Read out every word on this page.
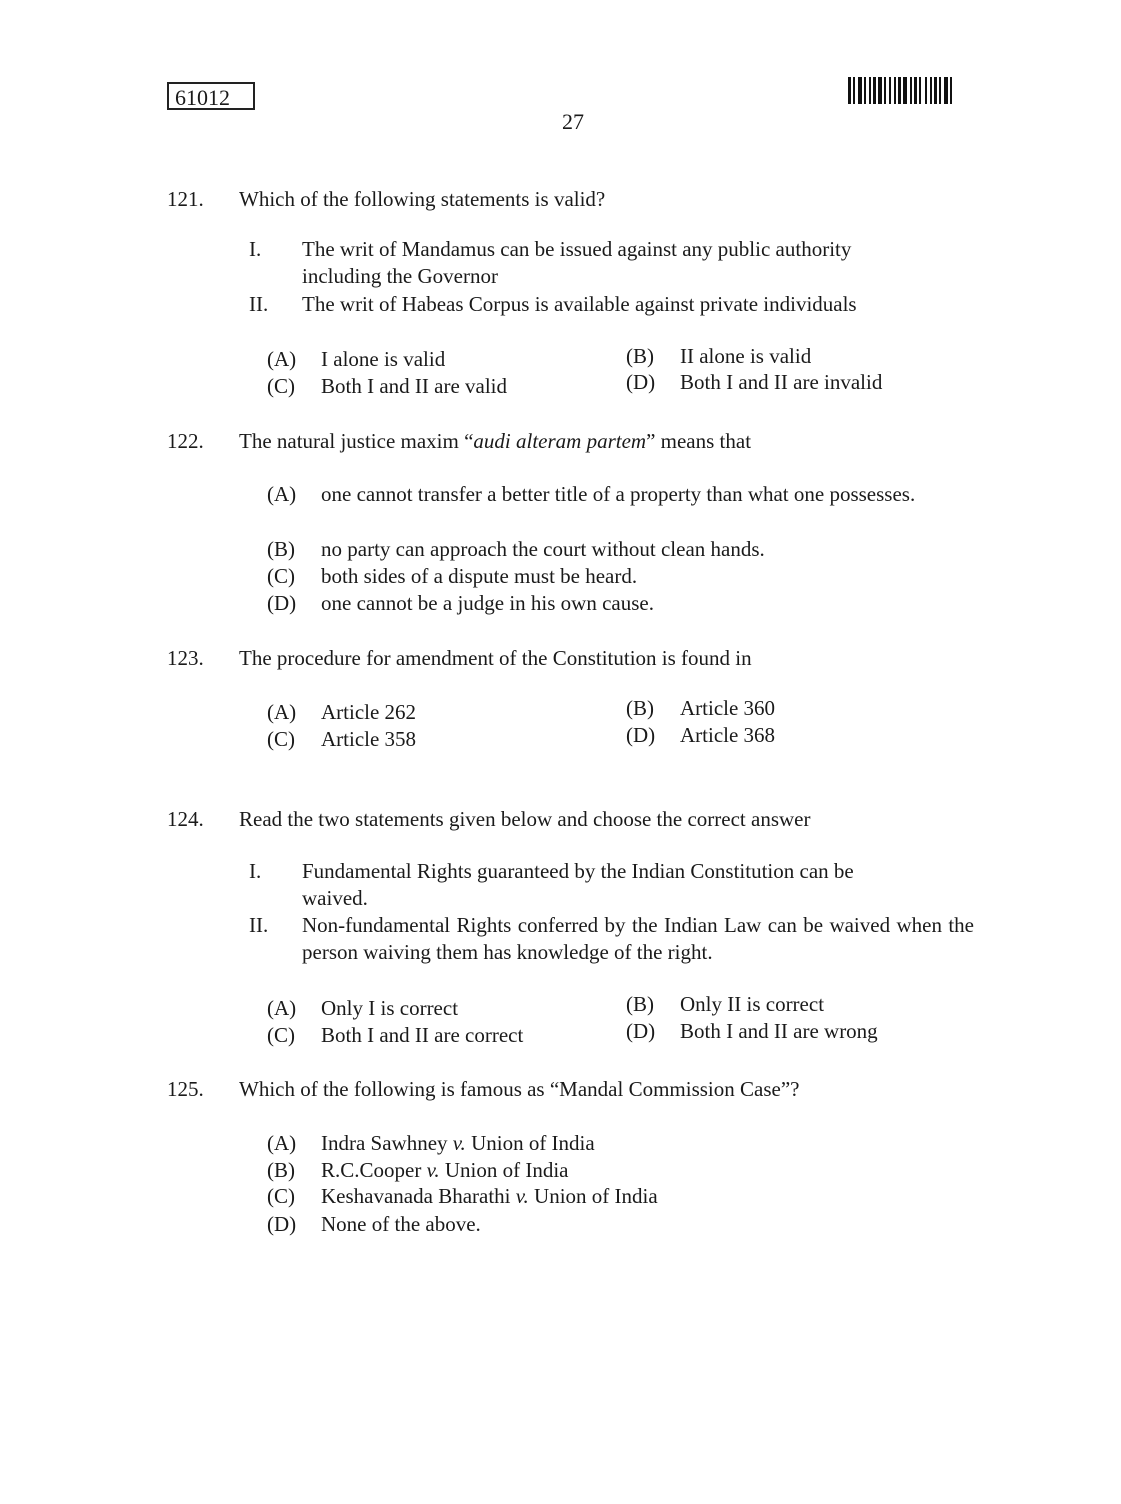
61012
27
121.	Which of the following statements is valid?
I.	The writ of Mandamus can be issued against any public authority including the Governor
II.	The writ of Habeas Corpus is available against private individuals
(A)	I alone is valid	(B)	II alone is valid
(C)	Both I and II are valid	(D)	Both I and II are invalid
122.	The natural justice maxim “audi alteram partem” means that
(A) one cannot transfer a better title of a property than what one possesses.
(B)	no party can approach the court without clean hands.
(C)	both sides of a dispute must be heard.
(D)	one cannot be a judge in his own cause.
123.	The procedure for amendment of the Constitution is found in
(A)	Article 262	(B)	Article 360
(C)	Article 358	(D)	Article 368
124.	Read the two statements given below and choose the correct answer
I.	Fundamental Rights guaranteed by the Indian Constitution can be waived.
II.	Non-fundamental Rights conferred by the Indian Law can be waived when the person waiving them has knowledge of the right.
(A)	Only I is correct	(B)	Only II is correct
(C)	Both I and II are correct	(D)	Both I and II are wrong
125.	Which of the following is famous as “Mandal Commission Case”?
(A)	Indra Sawhney v. Union of India
(B)	R.C.Cooper v. Union of India
(C)	Keshavanada Bharathi v. Union of India
(D)	None of the above.
